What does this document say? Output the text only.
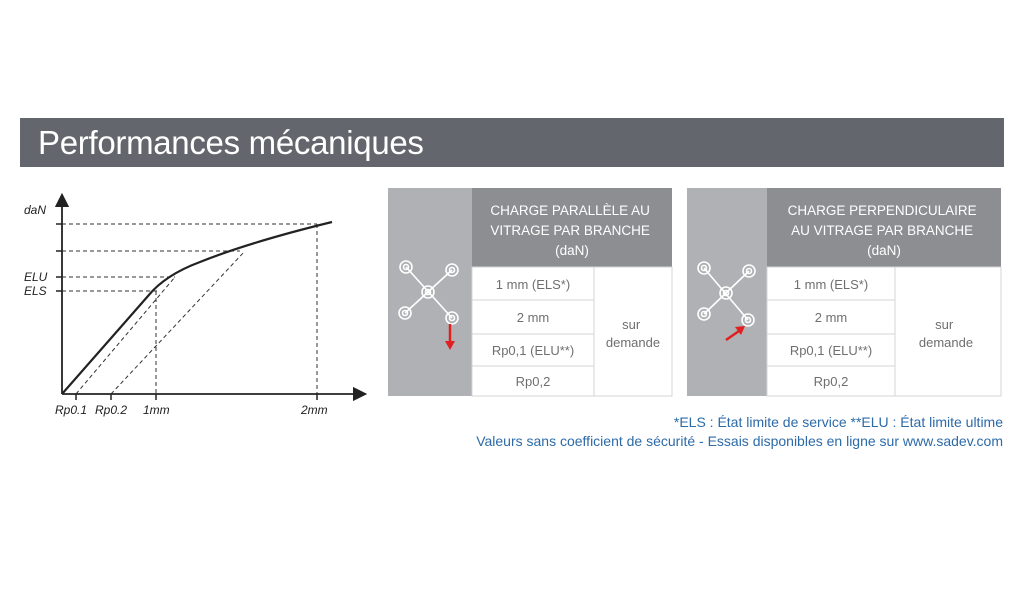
Performances mécaniques
daN
ELU
ELS
Rp0.1 Rp0.2 1mm	2mm
CHARGE PARALLÈLE AU VITRAGE PAR BRANCHE (daN)
1 mm (ELS*)
2 mm
Rp0,1 (ELU**)
Rp0,2
sur demande
CHARGE PERPENDICULAIRE AU VITRAGE PAR BRANCHE (daN)
1 mm (ELS*)
2 mm
Rp0,1 (ELU**)
Rp0,2
sur demande
*ELS : État limite de service **ELU : État limite ultime
Valeurs sans coefficient de sécurité - Essais disponibles en ligne sur www.sadev.com
